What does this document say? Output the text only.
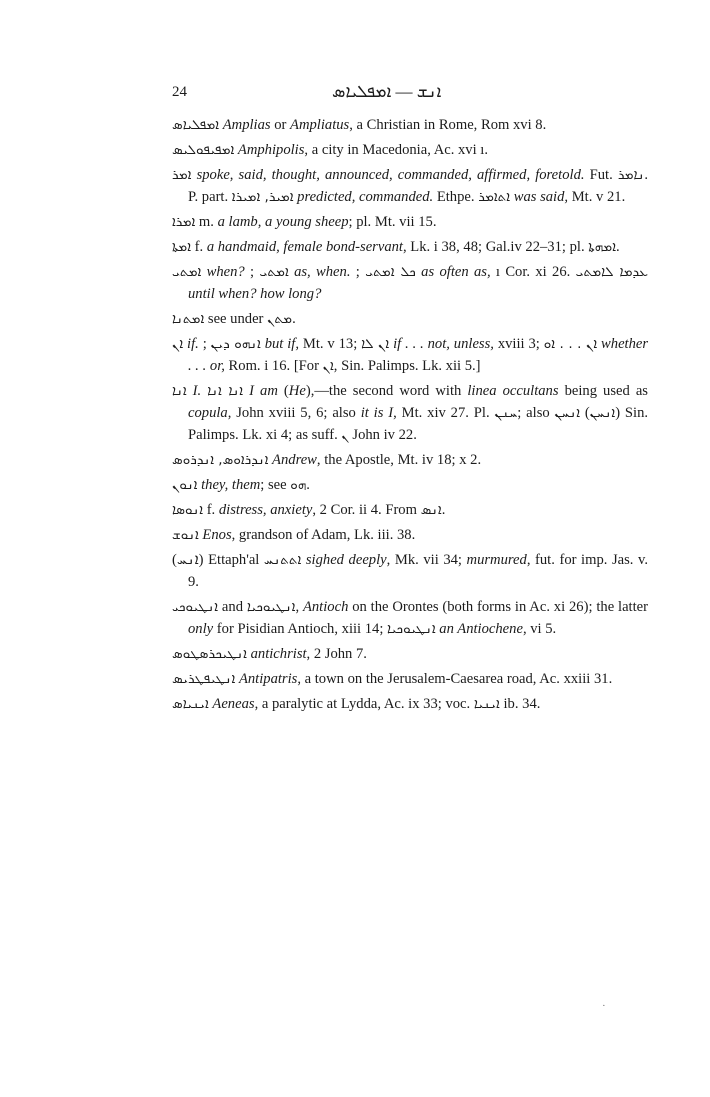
24	ܐܢܫ — ܐܡܦܠܝܐܣ

ܐܡܦܠܝܐܣ Amplias or Ampliatus, a Christian in Rome, Rom xvi 8.

ܐܡܦܝܦܘܠܝܣ Amphipolis, a city in Macedonia, Ac. xvi ı.

ܐܡܪ spoke, said, thought, announced, commanded, affirmed, foretold. Fut. ܢܐܡܪ. P. part. ܐܡܝܪ, ܐܡܝܪܐ predicted, commanded. Ethpe. ܐܬܐܡܪ was said, Mt. v 21.

ܐܡܪܐ m. a lamb, a young sheep; pl. Mt. vii 15.

ܐܡܬܐ f. a handmaid, female bond-servant, Lk. i 38, 48; Gal.iv 22–31; pl. ܐܡܗܬܐ.

ܐܡܬܝ when? ; ܐܡܬܝ as, when. ; ܟܠ ܐܡܬܝ as often as, ı Cor. xi 26. ܥܕܡܐ ܠܐܡܬܝ until when? how long?

ܐܡܬܢܐ see under ܡܬܢ.

ܐܢ if. ; ܐܢܗܘ ܕܝܢ but if, Mt. v 13; ܐܢ ܠܐ if . . . not, unless, xviii 3; ܐܢ . . . ܐܘ whether . . . or, Rom. i 16. [For ܐܢ, Sin. Palimps. Lk. xii 5.]

ܐܢܐ I. ܐܢܐ ܐܢܐ I am (He),—the second word with linea occultans being used as copula, John xviii 5, 6; also it is I, Mt. xiv 27. Pl. ܚܢܢ; also ܐܢܚܢ (ܐܢܚܢ) Sin. Palimps. Lk. xi 4; as suff. ܢ John iv 22.

ܐܢܕܪܐܘܣ, ܐܢܕܪܘܣ Andrew, the Apostle, Mt. iv 18; x 2.

ܐܢܘܢ they, them; see ܗܘ.

ܐܢܘܣܐ f. distress, anxiety, 2 Cor. ii 4. From ܐܢܣ.

ܐܢܘܫ Enos, grandson of Adam, Lk. iii. 38.

(ܐܢܚ) Ettaph'al ܐܬܬܢܚ sighed deeply, Mk. vii 34; murmured, fut. for imp. Jas. v. 9.

ܐܢܛܝܘܟܝ and ܐܢܛܝܘܟܝܐ, Antioch on the Orontes (both forms in Ac. xi 26); the latter only for Pisidian Antioch, xiii 14; ܐܢܛܝܘܟܝܐ an Antiochene, vi 5.

ܐܢܛܝܟܪܣܛܘܣ antichrist, 2 John 7.

ܐܢܛܝܦܛܪܝܣ Antipatris, a town on the Jerusalem-Caesarea road, Ac. xxiii 31.

ܐܝܢܝܐܣ Aeneas, a paralytic at Lydda, Ac. ix 33; voc. ܐܝܢܝܐ ib. 34.

·
